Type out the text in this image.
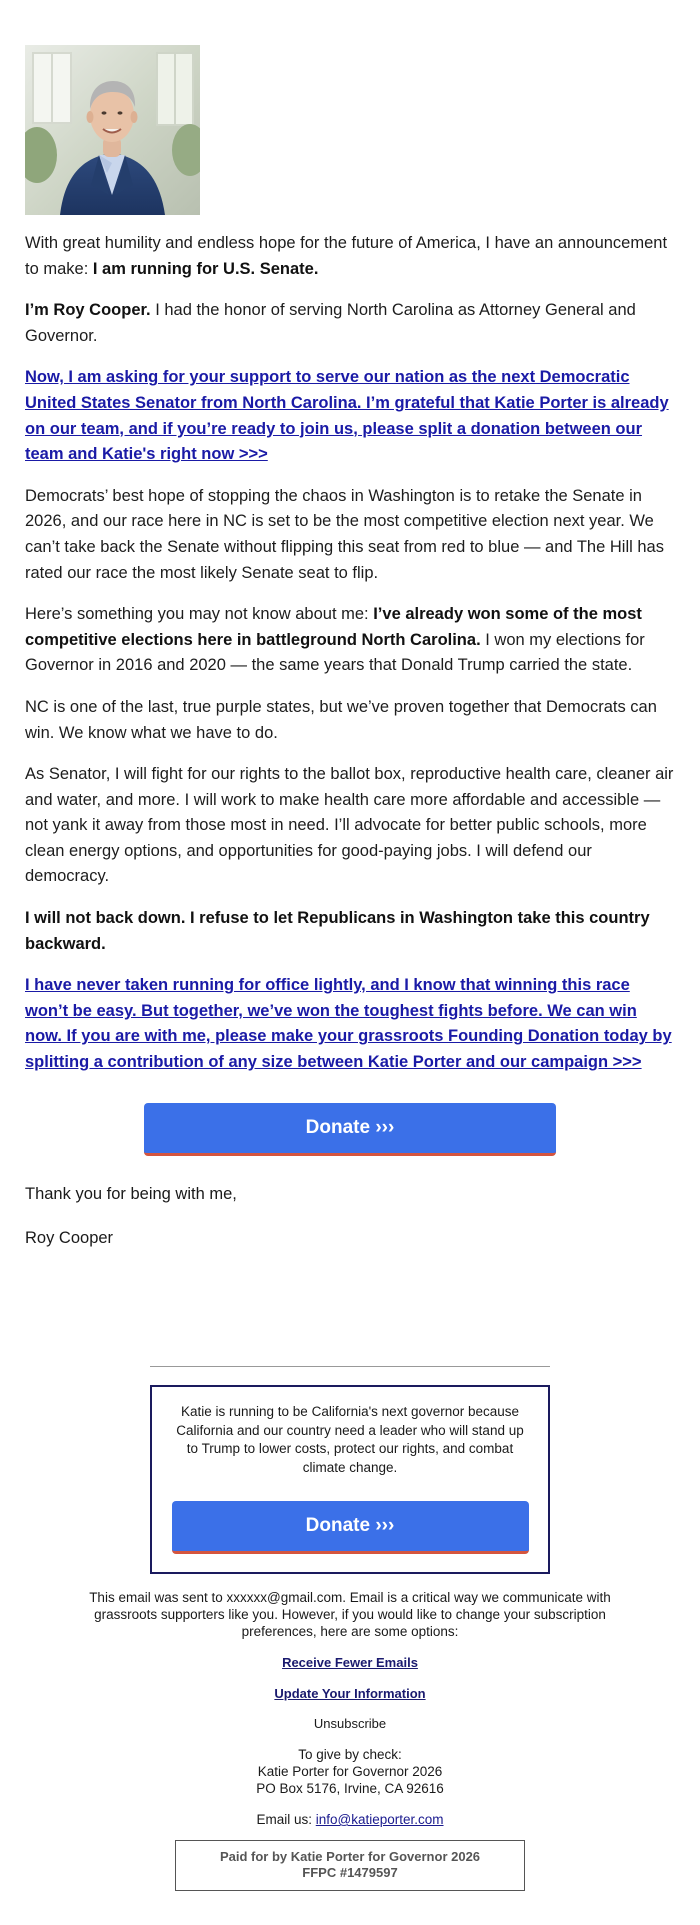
With great humility and endless hope for the future of America, I have an announcement to make: I am running for U.S. Senate.

I’m Roy Cooper. I had the honor of serving North Carolina as Attorney General and Governor.

Now, I am asking for your support to serve our nation as the next Democratic United States Senator from North Carolina. I’m grateful that Katie Porter is already on our team, and if you’re ready to join us, please split a donation between our team and Katie's right now >>>

Democrats’ best hope of stopping the chaos in Washington is to retake the Senate in 2026, and our race here in NC is set to be the most competitive election next year. We can’t take back the Senate without flipping this seat from red to blue — and The Hill has rated our race the most likely Senate seat to flip.

Here’s something you may not know about me: I’ve already won some of the most competitive elections here in battleground North Carolina. I won my elections for Governor in 2016 and 2020 — the same years that Donald Trump carried the state.

NC is one of the last, true purple states, but we’ve proven together that Democrats can win. We know what we have to do.

As Senator, I will fight for our rights to the ballot box, reproductive health care, cleaner air and water, and more. I will work to make health care more affordable and accessible — not yank it away from those most in need. I’ll advocate for better public schools, more clean energy options, and opportunities for good-paying jobs. I will defend our democracy.

I will not back down. I refuse to let Republicans in Washington take this country backward.

I have never taken running for office lightly, and I know that winning this race won’t be easy. But together, we’ve won the toughest fights before. We can win now. If you are with me, please make your grassroots Founding Donation today by splitting a contribution of any size between Katie Porter and our campaign >>>

Donate ›››

Thank you for being with me,

Roy Cooper

Katie is running to be California's next governor because California and our country need a leader who will stand up to Trump to lower costs, protect our rights, and combat climate change.

Donate ›››
This email was sent to xxxxxx@gmail.com. Email is a critical way we communicate with grassroots supporters like you. However, if you would like to change your subscription preferences, here are some options:
Receive Fewer Emails
Update Your Information
Unsubscribe
To give by check:
Katie Porter for Governor 2026
PO Box 5176, Irvine, CA 92616
Email us: info@katieporter.com
Paid for by Katie Porter for Governor 2026
FFPC #1479597
